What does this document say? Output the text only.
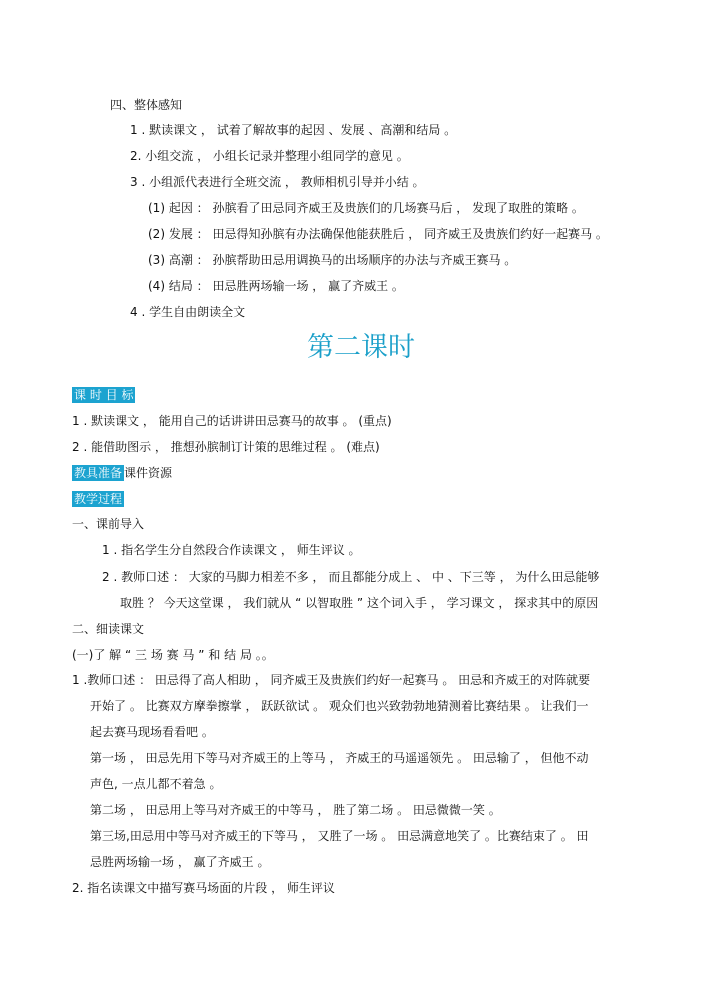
四、整体感知
1 . 默读课文 ， 试着了解故事的起因 、发展 、高潮和结局 。
2. 小组交流 ， 小组长记录并整理小组同学的意见 。
3 . 小组派代表进行全班交流 ， 教师相机引导并小结 。
(1) 起因 ： 孙膑看了田忌同齐威王及贵族们的几场赛马后 ， 发现了取胜的策略 。
(2) 发展 ： 田忌得知孙膑有办法确保他能获胜后 ， 同齐威王及贵族们约好一起赛马 。
(3) 高潮 ： 孙膑帮助田忌用调换马的出场顺序的办法与齐威王赛马 。
(4) 结局 ： 田忌胜两场输一场 ， 赢了齐威王 。
4 . 学生自由朗读全文
第二课时
课 时 目 标
1 . 默读课文 ， 能用自己的话讲讲田忌赛马的故事 。 (重点)
2 . 能借助图示 ， 推想孙膑制订计策的思维过程 。 (难点)
教具准备 课件资源
教学过程
一、课前导入
1 . 指名学生分自然段合作读课文 ， 师生评议 。
2 . 教师口述 ： 大家的马脚力相差不多 ， 而且都能分成上 、 中 、下三等 ， 为什么田忌能够
取胜 ？ 今天这堂课 ， 我们就从 “ 以智取胜 ” 这个词入手 ， 学习课文 ， 探求其中的原因
二、细读课文
(一)了 解 “ 三 场 赛 马 ” 和 结 局 。。
1 .教师口述 ： 田忌得了高人相助 ， 同齐威王及贵族们约好一起赛马 。 田忌和齐威王的对阵就要
开始了 。 比赛双方摩拳擦掌 ， 跃跃欲试 。 观众们也兴致勃勃地猜测着比赛结果 。 让我们一
起去赛马现场看看吧 。
第一场 ， 田忌先用下等马对齐威王的上等马 ， 齐威王的马遥遥领先 。 田忌输了 ， 但他不动
声色, 一点儿都不着急 。
第二场 ， 田忌用上等马对齐威王的中等马 ， 胜了第二场 。 田忌微微一笑 。
第三场,田忌用中等马对齐威王的下等马 ， 又胜了一场 。 田忌满意地笑了 。比赛结束了 。 田
忌胜两场输一场 ， 赢了齐威王 。
2. 指名读课文中描写赛马场面的片段 ， 师生评议
